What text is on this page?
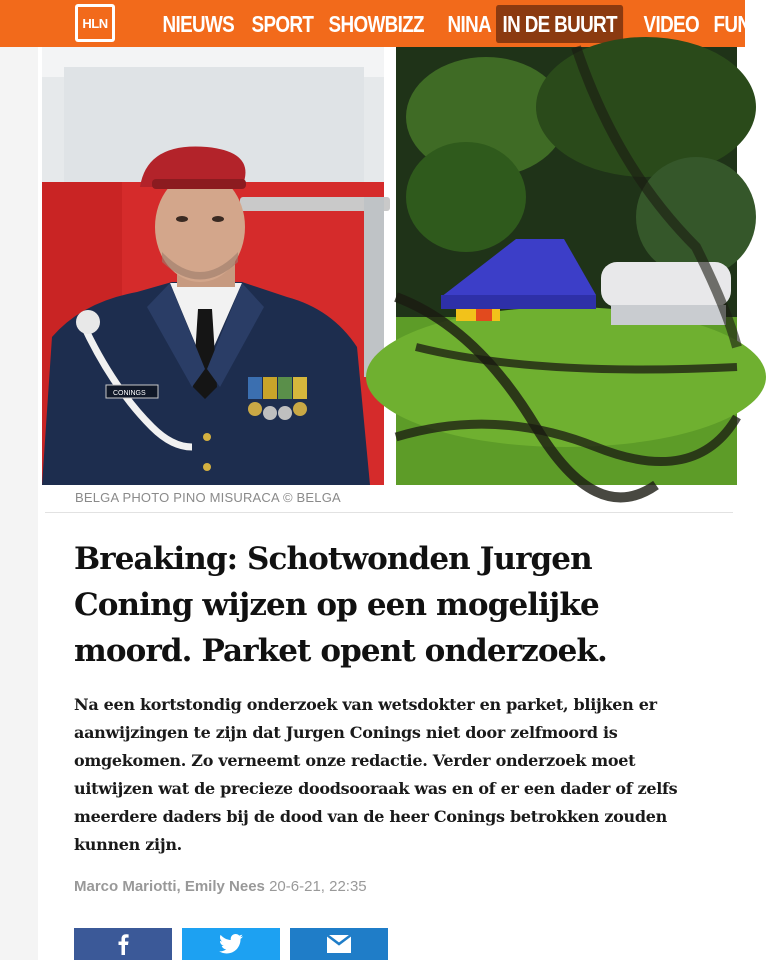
HLN NIEUWS SPORT SHOWBIZZ NINA IN DE BUURT VIDEO FUN M
CONINGS
BELGA PHOTO PINO MISURACA © BELGA
Breaking: Schotwonden Jurgen
Coning wijzen op een mogelijke
moord. Parket opent onderzoek.
Na een kortstondig onderzoek van wetsdokter en parket, blijken er
aanwijzingen te zijn dat Jurgen Conings niet door zelfmoord is
omgekomen. Zo verneemt onze redactie. Verder onderzoek moet
uitwijzen wat de precieze doodsooraak was en of er een dader of zelfs
meerdere daders bij de dood van de heer Conings betrokken zouden
kunnen zijn.
Marco Mariotti, Emily Nees 20-6-21, 22:35
